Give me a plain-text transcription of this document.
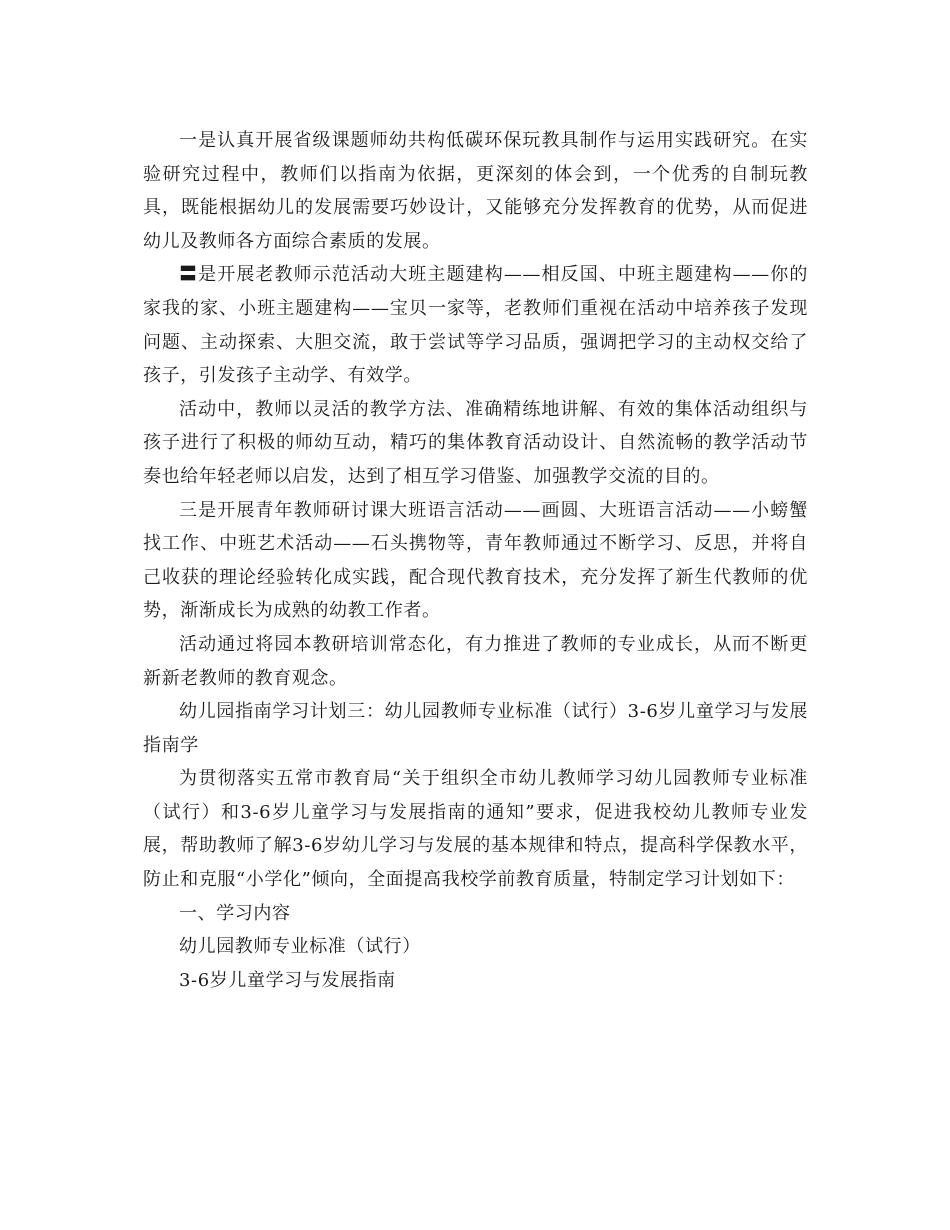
一是认真开展省级课题师幼共构低碳环保玩教具制作与运用实践研究。在实验研究过程中，教师们以指南为依据，更深刻的体会到，一个优秀的自制玩教具，既能根据幼儿的发展需要巧妙设计，又能够充分发挥教育的优势，从而促进幼儿及教师各方面综合素质的发展。

〓是开展老教师示范活动大班主题建构——相反国、中班主题建构——你的家我的家、小班主题建构——宝贝一家等，老教师们重视在活动中培养孩子发现问题、主动探索、大胆交流，敢于尝试等学习品质，强调把学习的主动权交给了孩子，引发孩子主动学、有效学。

活动中，教师以灵活的教学方法、准确精练地讲解、有效的集体活动组织与孩子进行了积极的师幼互动，精巧的集体教育活动设计、自然流畅的教学活动节奏也给年轻老师以启发，达到了相互学习借鉴、加强教学交流的目的。

三是开展青年教师研讨课大班语言活动——画圆、大班语言活动——小螃蟹找工作、中班艺术活动——石头携物等，青年教师通过不断学习、反思，并将自己收获的理论经验转化成实践，配合现代教育技术，充分发挥了新生代教师的优势，渐渐成长为成熟的幼教工作者。

活动通过将园本教研培训常态化，有力推进了教师的专业成长，从而不断更新新老教师的教育观念。

幼儿园指南学习计划三：幼儿园教师专业标准（试行）3-6岁儿童学习与发展指南学

为贯彻落实五常市教育局“关于组织全市幼儿教师学习幼儿园教师专业标准（试行）和3-6岁儿童学习与发展指南的通知”要求，促进我校幼儿教师专业发展，帮助教师了解3-6岁幼儿学习与发展的基本规律和特点，提高科学保教水平，防止和克服“小学化”倾向，全面提高我校学前教育质量，特制定学习计划如下：

一、学习内容

幼儿园教师专业标准（试行）

3-6岁儿童学习与发展指南
